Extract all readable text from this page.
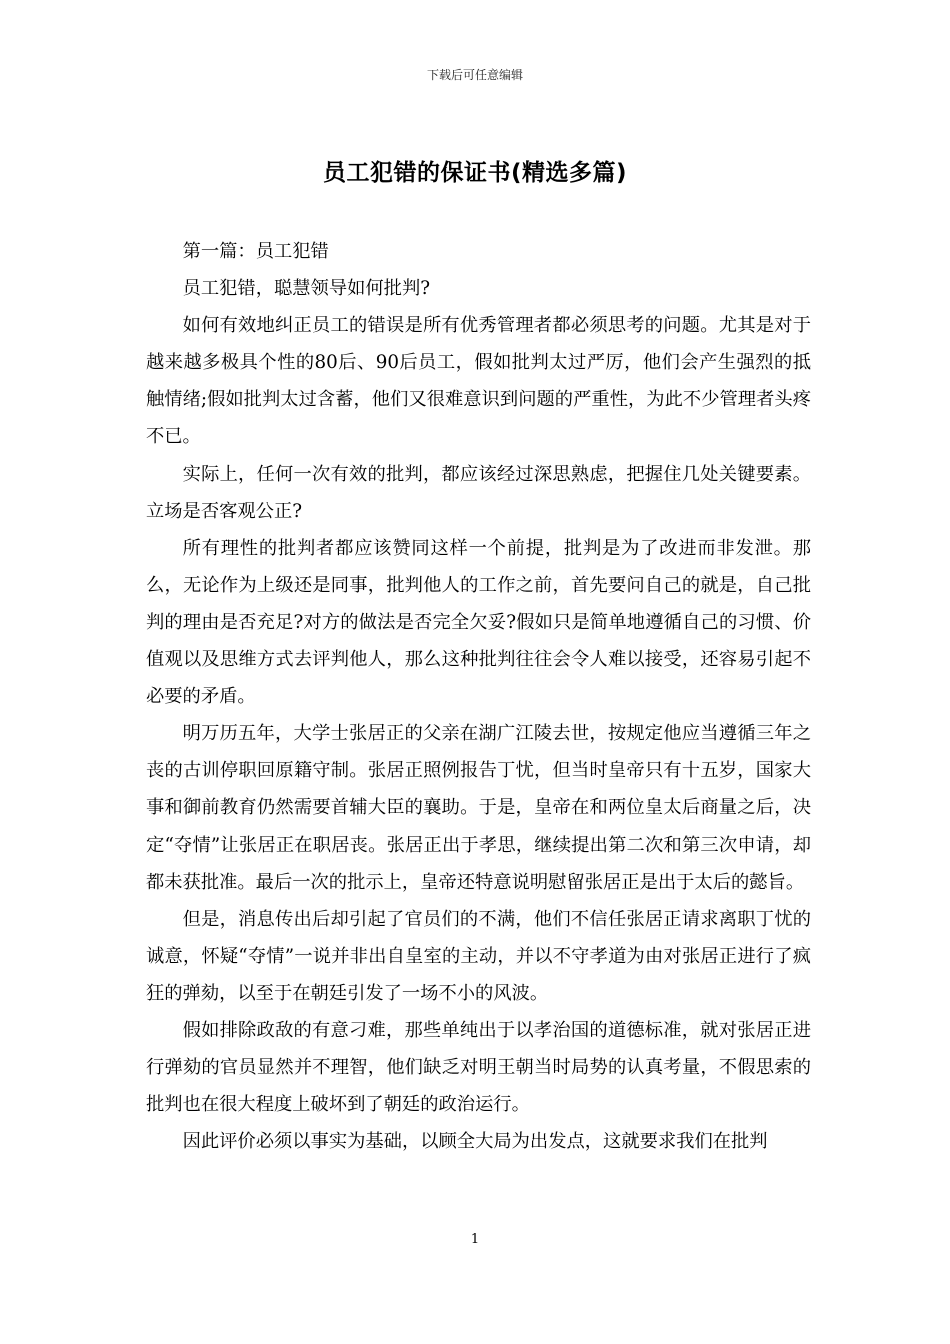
下载后可任意编辑
员工犯错的保证书(精选多篇)

第一篇：员工犯错

员工犯错，聪慧领导如何批判?

如何有效地纠正员工的错误是所有优秀管理者都必须思考的问题。尤其是对于越来越多极具个性的80后、90后员工，假如批判太过严厉，他们会产生强烈的抵触情绪;假如批判太过含蓄，他们又很难意识到问题的严重性，为此不少管理者头疼不已。

实际上，任何一次有效的批判，都应该经过深思熟虑，把握住几处关键要素。立场是否客观公正?

所有理性的批判者都应该赞同这样一个前提，批判是为了改进而非发泄。那么，无论作为上级还是同事，批判他人的工作之前，首先要问自己的就是，自己批判的理由是否充足?对方的做法是否完全欠妥?假如只是简单地遵循自己的习惯、价值观以及思维方式去评判他人，那么这种批判往往会令人难以接受，还容易引起不必要的矛盾。

明万历五年，大学士张居正的父亲在湖广江陵去世，按规定他应当遵循三年之丧的古训停职回原籍守制。张居正照例报告丁忧，但当时皇帝只有十五岁，国家大事和御前教育仍然需要首辅大臣的襄助。于是，皇帝在和两位皇太后商量之后，决定“夺情”让张居正在职居丧。张居正出于孝思，继续提出第二次和第三次申请，却都未获批准。最后一次的批示上，皇帝还特意说明慰留张居正是出于太后的懿旨。

但是，消息传出后却引起了官员们的不满，他们不信任张居正请求离职丁忧的诚意，怀疑“夺情”一说并非出自皇室的主动，并以不守孝道为由对张居正进行了疯狂的弹劾，以至于在朝廷引发了一场不小的风波。

假如排除政敌的有意刁难，那些单纯出于以孝治国的道德标准，就对张居正进行弹劾的官员显然并不理智，他们缺乏对明王朝当时局势的认真考量，不假思索的批判也在很大程度上破坏到了朝廷的政治运行。

因此评价必须以事实为基础，以顾全大局为出发点，这就要求我们在批判

1
